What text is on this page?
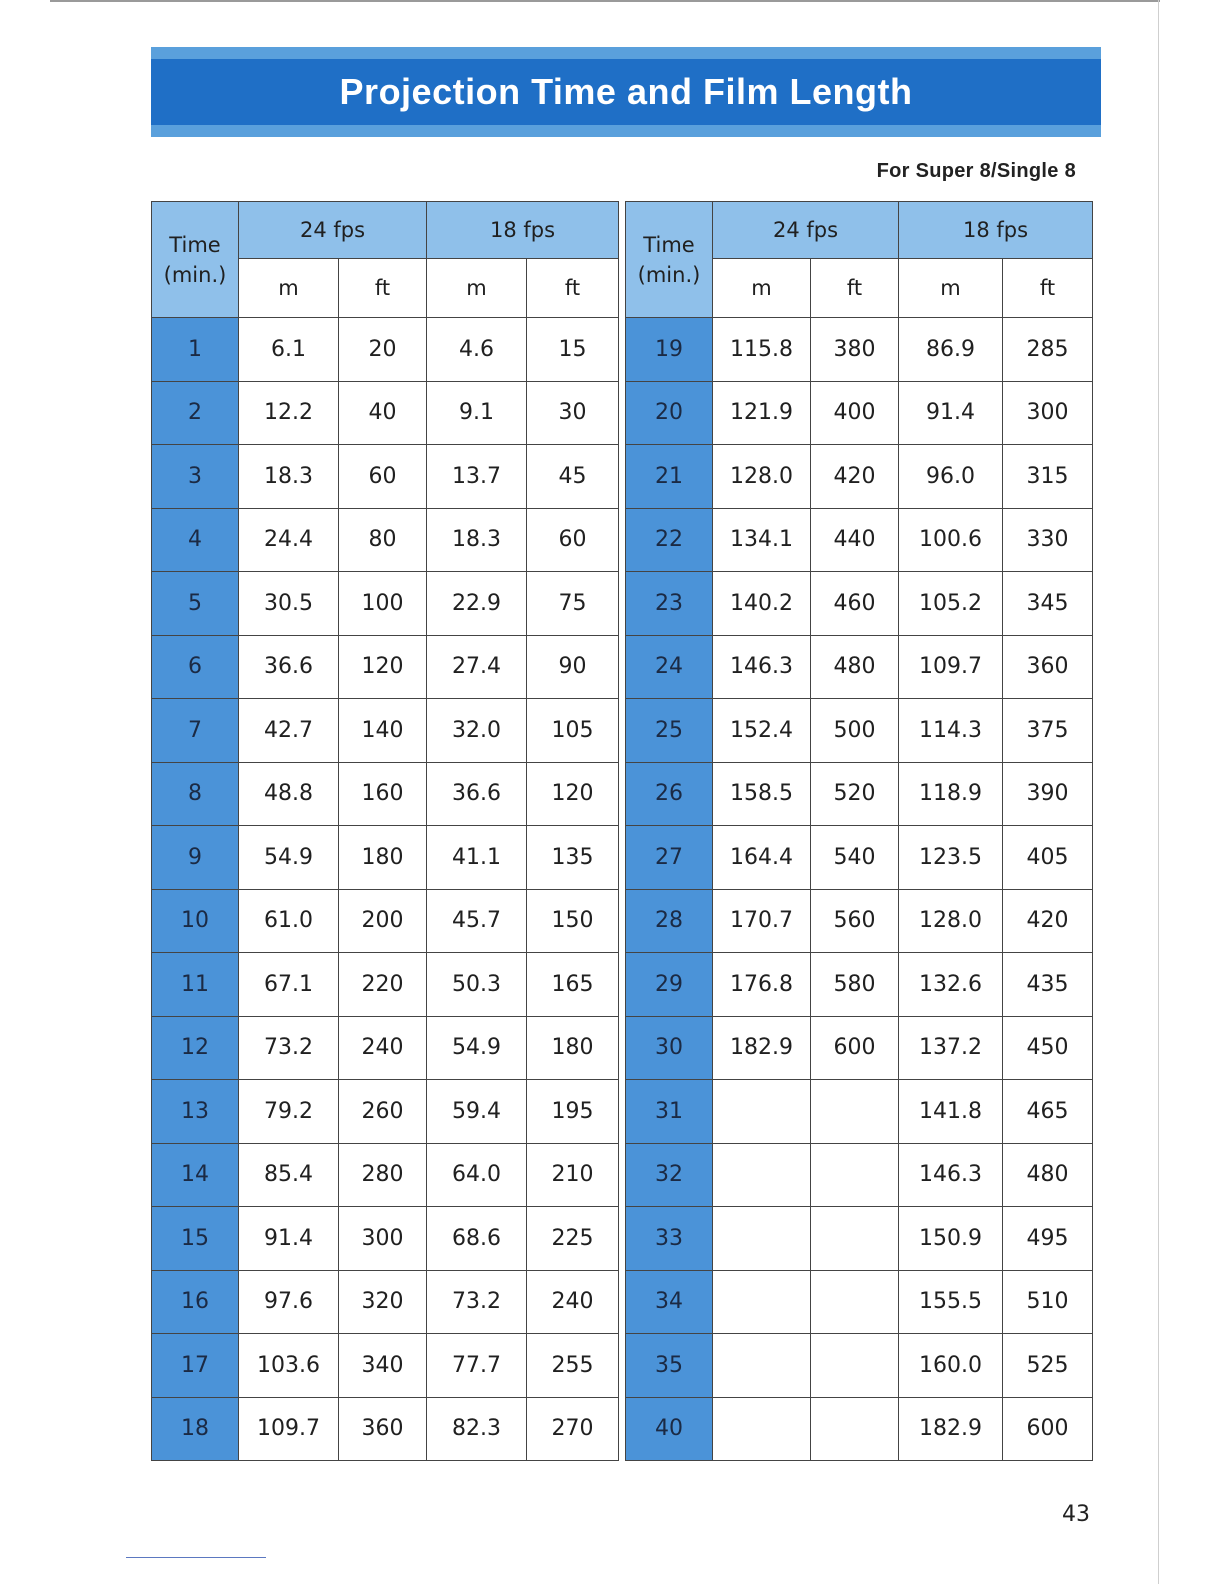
Projection Time and Film Length
For Super 8/Single 8
Time
(min.)	24 fps		18 fps	
	m	ft	m	ft
1	6.1	20	4.6	15
2	12.2	40	9.1	30
3	18.3	60	13.7	45
4	24.4	80	18.3	60
5	30.5	100	22.9	75
6	36.6	120	27.4	90
7	42.7	140	32.0	105
8	48.8	160	36.6	120
9	54.9	180	41.1	135
10	61.0	200	45.7	150
11	67.1	220	50.3	165
12	73.2	240	54.9	180
13	79.2	260	59.4	195
14	85.4	280	64.0	210
15	91.4	300	68.6	225
16	97.6	320	73.2	240
17	103.6	340	77.7	255
18	109.7	360	82.3	270
Time
(min.)	24 fps		18 fps	
	m	ft	m	ft
19	115.8	380	86.9	285
20	121.9	400	91.4	300
21	128.0	420	96.0	315
22	134.1	440	100.6	330
23	140.2	460	105.2	345
24	146.3	480	109.7	360
25	152.4	500	114.3	375
26	158.5	520	118.9	390
27	164.4	540	123.5	405
28	170.7	560	128.0	420
29	176.8	580	132.6	435
30	182.9	600	137.2	450
31			141.8	465
32			146.3	480
33			150.9	495
34			155.5	510
35			160.0	525
40			182.9	600
43
